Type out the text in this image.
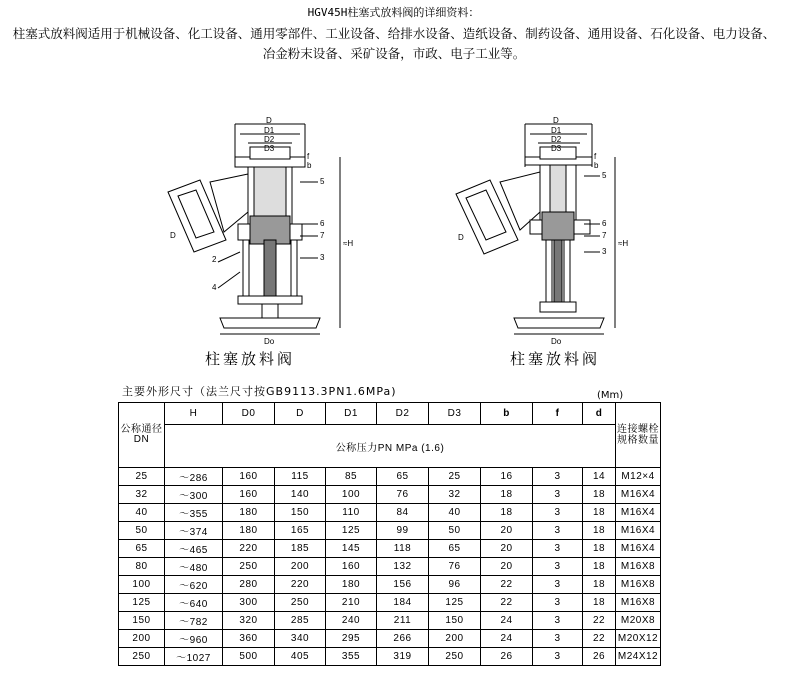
HGV45H柱塞式放料阀的详细资料：
柱塞式放料阀适用于机械设备、化工设备、通用零部件、工业设备、给排水设备、造纸设备、制药设备、通用设备、石化设备、电力设备、冶金粉末设备、采矿设备，市政、电子工业等。
D
D1
D2
D3
Do
≈H
f
b
5
6
7
3
2
4
D
D
D1
D2
D3
Do
≈H
f
b
5
6
7
3
D
柱塞放料阀	柱塞放料阀
主要外形尺寸（法兰尺寸按GB9113.3PN1.6MPa)	(Mm)
公称通径DN	H	D0	D	D1	D2	D3	b	f	d	连接螺栓规格数量
	公称压力PN MPa (1.6)									
25	～286	160	115	85	65	25	16	3	14	M12×4
32	～300	160	140	100	76	32	18	3	18	M16X4
40	～355	180	150	110	84	40	18	3	18	M16X4
50	～374	180	165	125	99	50	20	3	18	M16X4
65	～465	220	185	145	118	65	20	3	18	M16X4
80	～480	250	200	160	132	76	20	3	18	M16X8
100	～620	280	220	180	156	96	22	3	18	M16X8
125	～640	300	250	210	184	125	22	3	18	M16X8
150	～782	320	285	240	211	150	24	3	22	M20X8
200	～960	360	340	295	266	200	24	3	22	M20X12
250	～1027	500	405	355	319	250	26	3	26	M24X12
